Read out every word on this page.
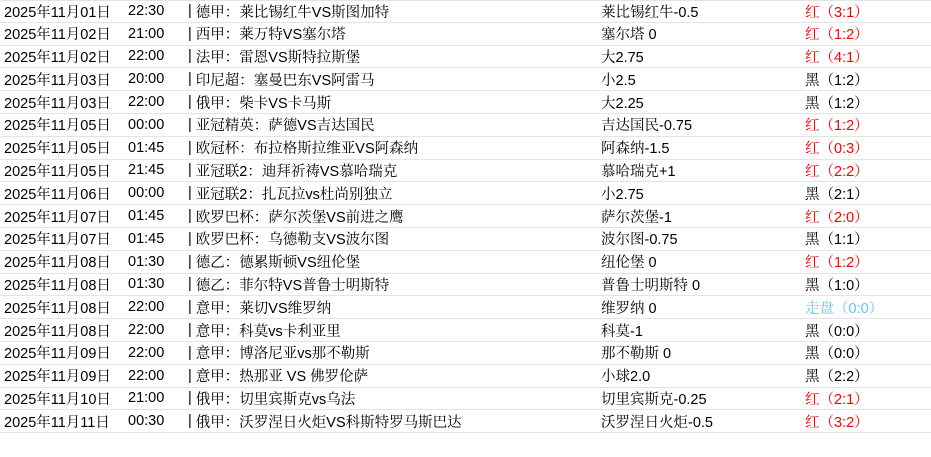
2025年11月01日	22:30	| 德甲：莱比锡红牛VS斯图加特	莱比锡红牛-0.5	红（3:1）
2025年11月02日	21:00	| 西甲：莱万特VS塞尔塔	塞尔塔 0	红（1:2）
2025年11月02日	22:00	| 法甲：雷恩VS斯特拉斯堡	大2.75	红（4:1）
2025年11月03日	20:00	| 印尼超：塞曼巴东VS阿雷马	小2.5	黑（1:2）
2025年11月03日	22:00	| 俄甲：柴卡VS卡马斯	大2.25	黑（1:2）
2025年11月05日	00:00	| 亚冠精英：萨德VS吉达国民	吉达国民-0.75	红（1:2）
2025年11月05日	01:45	| 欧冠杯：布拉格斯拉维亚VS阿森纳	阿森纳-1.5	红（0:3）
2025年11月05日	21:45	| 亚冠联2：迪拜祈祷VS慕哈瑞克	慕哈瑞克+1	红（2:2）
2025年11月06日	00:00	| 亚冠联2：扎瓦拉vs杜尚别独立	小2.75	黑（2:1）
2025年11月07日	01:45	| 欧罗巴杯：萨尔茨堡VS前进之鹰	萨尔茨堡-1	红（2:0）
2025年11月07日	01:45	| 欧罗巴杯：乌德勒支VS波尔图	波尔图-0.75	黑（1:1）
2025年11月08日	01:30	| 德乙：德累斯顿VS纽伦堡	纽伦堡 0	红（1:2）
2025年11月08日	01:30	| 德乙：菲尔特VS普鲁士明斯特	普鲁士明斯特 0	黑（1:0）
2025年11月08日	22:00	| 意甲：莱切VS维罗纳	维罗纳 0	走盘（0:0）
2025年11月08日	22:00	| 意甲：科莫vs卡利亚里	科莫-1	黑（0:0）
2025年11月09日	22:00	| 意甲：博洛尼亚vs那不勒斯	那不勒斯 0	黑（0:0）
2025年11月09日	22:00	| 意甲：热那亚 VS 佛罗伦萨	小球2.0	黑（2:2）
2025年11月10日	21:00	| 俄甲：切里宾斯克vs乌法	切里宾斯克-0.25	红（2:1）
2025年11月11日	00:30	| 俄甲：沃罗涅日火炬VS科斯特罗马斯巴达	沃罗涅日火炬-0.5	红（3:2）
